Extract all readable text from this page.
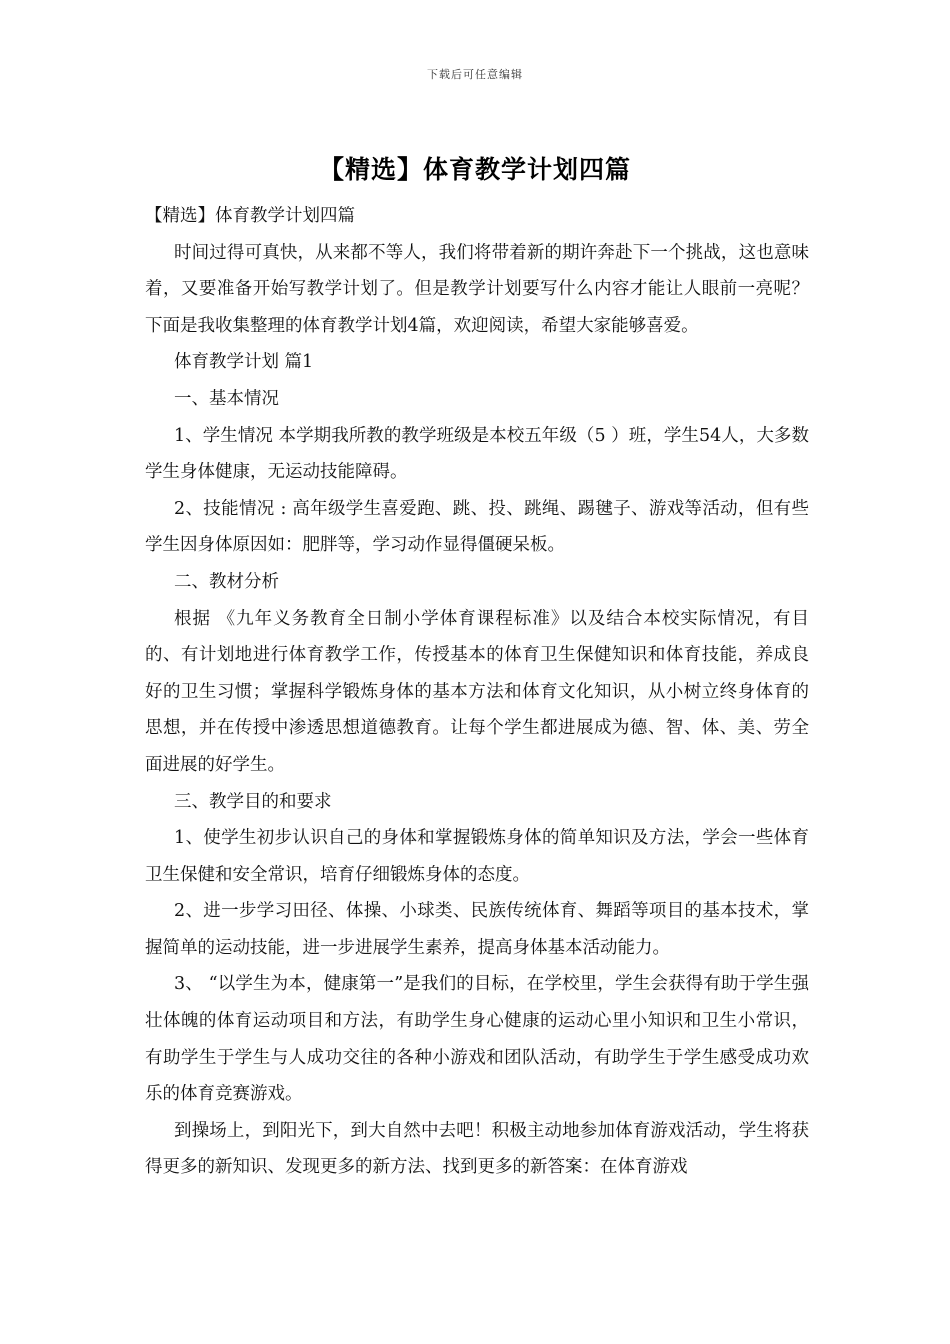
下载后可任意编辑
【精选】体育教学计划四篇

【精选】体育教学计划四篇

时间过得可真快，从来都不等人，我们将带着新的期许奔赴下一个挑战，这也意味着，又要准备开始写教学计划了。但是教学计划要写什么内容才能让人眼前一亮呢？下面是我收集整理的体育教学计划4篇，欢迎阅读，希望大家能够喜爱。

体育教学计划 篇1

一、基本情况

1、学生情况 本学期我所教的教学班级是本校五年级（5 ）班，学生54人，大多数学生身体健康，无运动技能障碍。

2、技能情况 : 高年级学生喜爱跑、跳、投、跳绳、踢毽子、游戏等活动，但有些学生因身体原因如：肥胖等，学习动作显得僵硬呆板。

二、教材分析

根据 《九年义务教育全日制小学体育课程标准》以及结合本校实际情况，有目的、有计划地进行体育教学工作，传授基本的体育卫生保健知识和体育技能，养成良好的卫生习惯；掌握科学锻炼身体的基本方法和体育文化知识，从小树立终身体育的思想，并在传授中渗透思想道德教育。让每个学生都进展成为德、智、体、美、劳全面进展的好学生。

三、教学目的和要求

1、使学生初步认识自己的身体和掌握锻炼身体的简单知识及方法，学会一些体育卫生保健和安全常识，培育仔细锻炼身体的态度。

2、进一步学习田径、体操、小球类、民族传统体育、舞蹈等项目的基本技术，掌握简单的运动技能，进一步进展学生素养，提高身体基本活动能力。

3、 “以学生为本，健康第一”是我们的目标，在学校里，学生会获得有助于学生强壮体魄的体育运动项目和方法，有助学生身心健康的运动心里小知识和卫生小常识，有助学生于学生与人成功交往的各种小游戏和团队活动，有助学生于学生感受成功欢乐的体育竞赛游戏。

到操场上，到阳光下，到大自然中去吧！积极主动地参加体育游戏活动，学生将获得更多的新知识、发现更多的新方法、找到更多的新答案：在体育游戏
